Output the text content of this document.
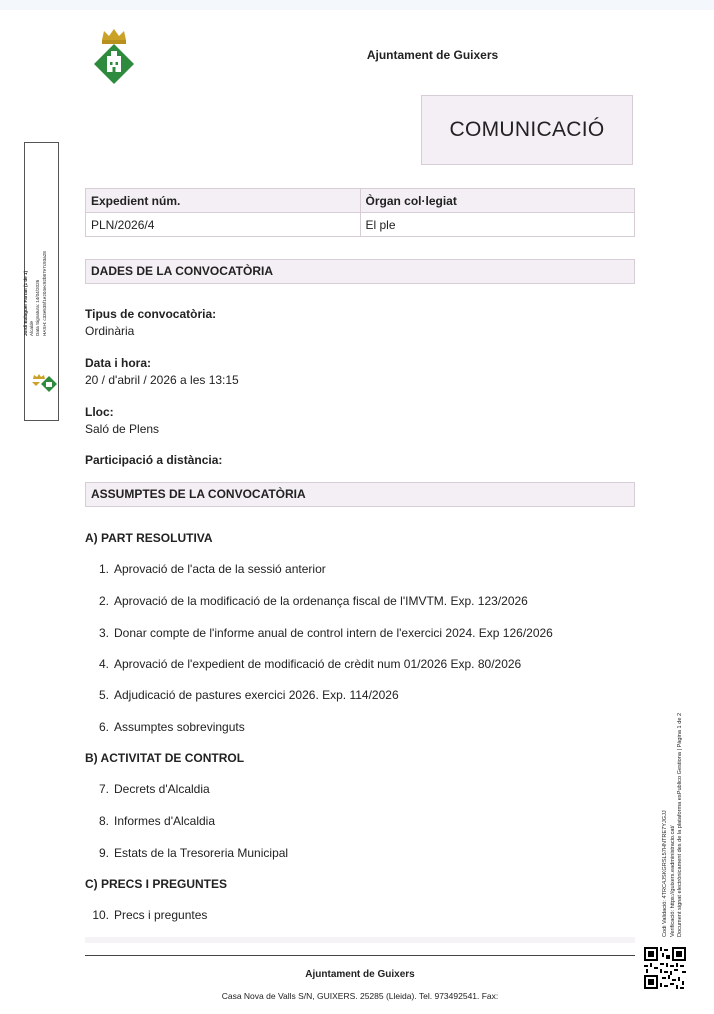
Ajuntament de Guixers
COMUNICACIÓ
Expedient núm.	Òrgan col·legiat
PLN/2026/4	El ple
DADES DE LA CONVOCATÒRIA
Tipus de convocatòria:
Ordinària
Data i hora:
20 / d'abril / 2026 a les 13:15
Lloc:
Saló de Plens
Participació a distància:
ASSUMPTES DE LA CONVOCATÒRIA
A) PART RESOLUTIVA
1. Aprovació de l'acta de la sessió anterior
2. Aprovació de la modificació de la ordenança fiscal de l'IMVTM. Exp. 123/2026
3. Donar compte de l'informe anual de control intern de l'exercici 2024. Exp 126/2026
4. Aprovació de l'expedient de modificació de crèdit num 01/2026 Exp. 80/2026
5. Adjudicació de pastures exercici 2026. Exp. 114/2026
6. Assumptes sobrevinguts
B) ACTIVITAT DE CONTROL
7. Decrets d'Alcaldia
8. Informes d'Alcaldia
9. Estats de la Tresoreria Municipal
C) PRECS I PREGUNTES
10. Precs i preguntes
Ajuntament de Guixers
Casa Nova de Valls S/N, GUIXERS. 25285 (Lleida). Tel. 973492541. Fax:
Jordi Balaguer Farran (1 de 1) Alcalde Data Signatura: 14/04/2026 HASH: c33e535f1e204ec92b87e7c93a28
Codi Validació: 4TRC4JSKGRSL57HNTRE7YJGJJ Verificació: https://guixers.eadministracio.cat/ Document signat electrònicament des de la plataforma esPublico Gestiona | Pàgina 1 de 2
